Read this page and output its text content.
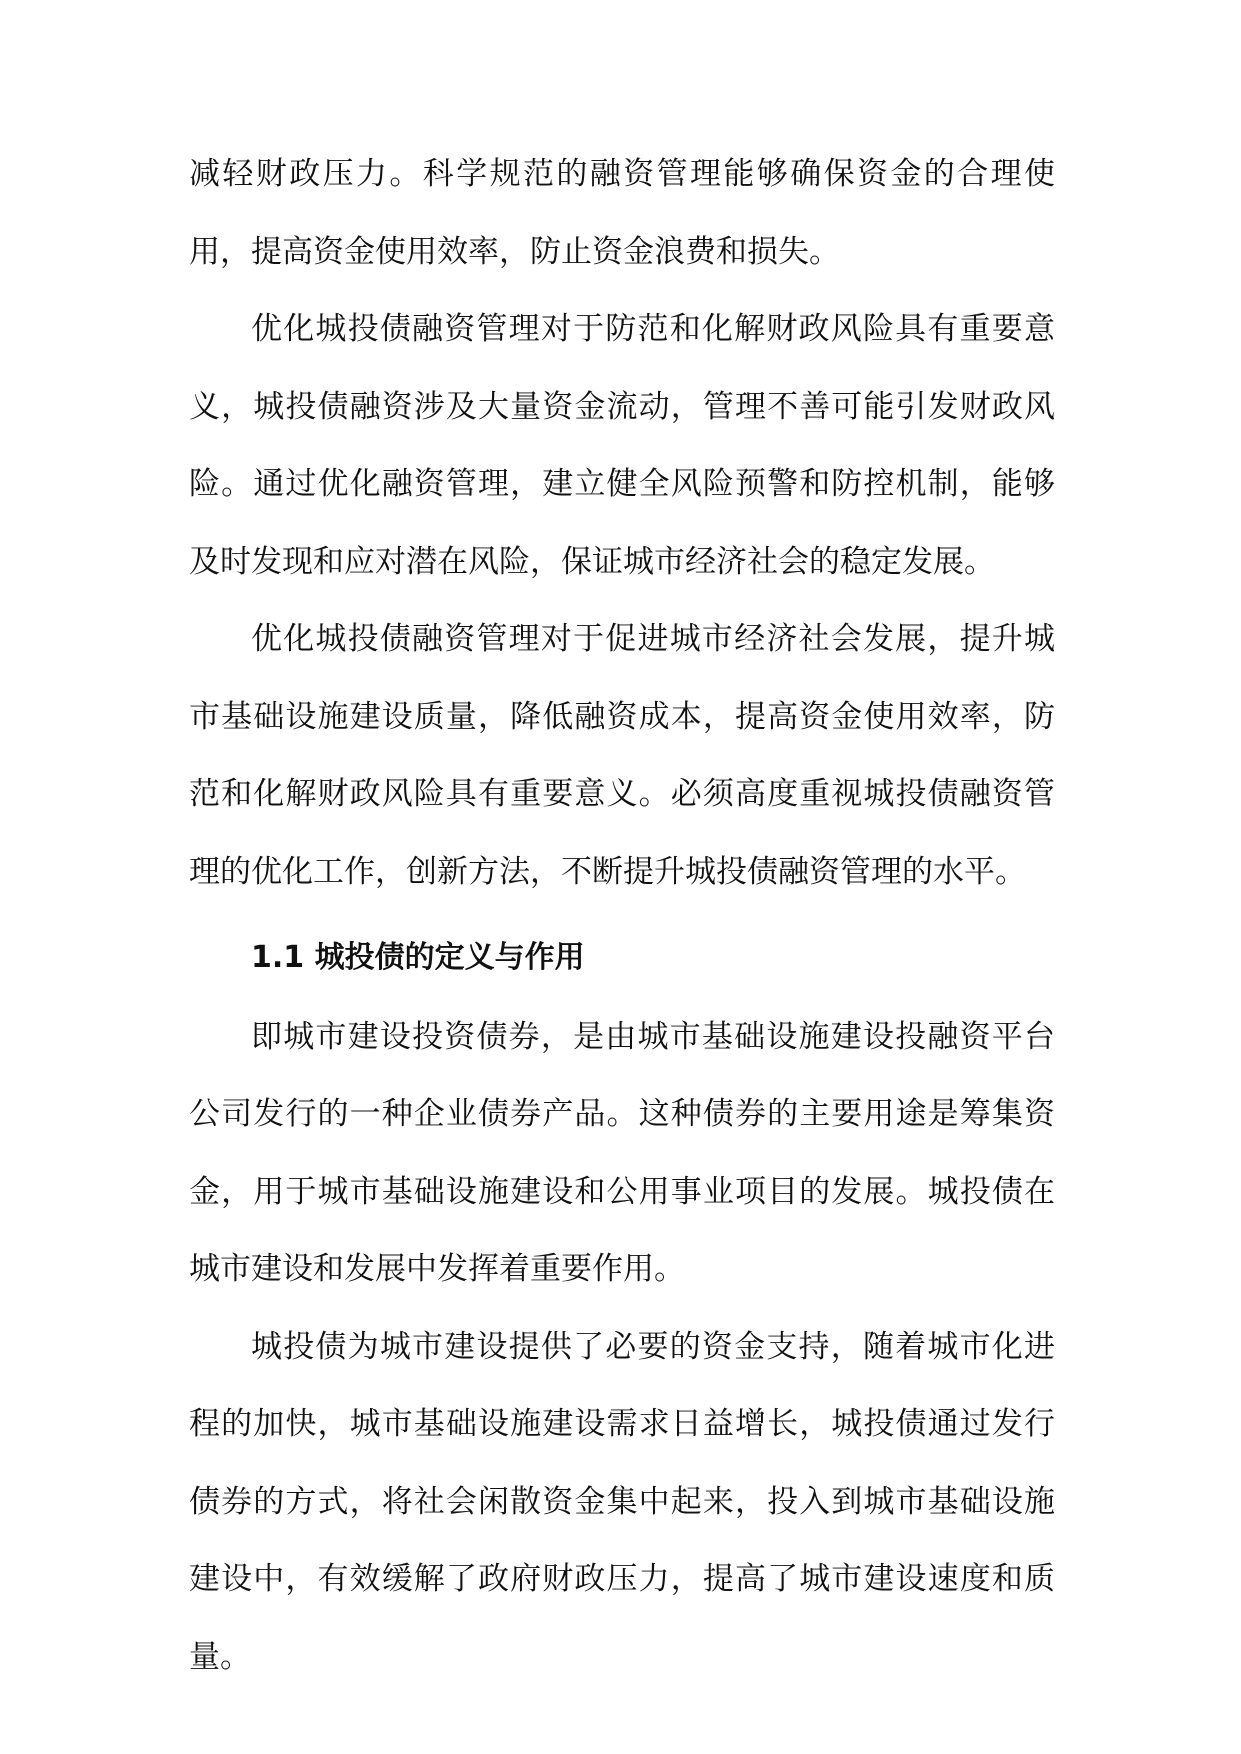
减轻财政压力。科学规范的融资管理能够确保资金的合理使用，提高资金使用效率，防止资金浪费和损失。

优化城投债融资管理对于防范和化解财政风险具有重要意义，城投债融资涉及大量资金流动，管理不善可能引发财政风险。通过优化融资管理，建立健全风险预警和防控机制，能够及时发现和应对潜在风险，保证城市经济社会的稳定发展。

优化城投债融资管理对于促进城市经济社会发展，提升城市基础设施建设质量，降低融资成本，提高资金使用效率，防范和化解财政风险具有重要意义。必须高度重视城投债融资管理的优化工作，创新方法，不断提升城投债融资管理的水平。

1.1 城投债的定义与作用

即城市建设投资债券，是由城市基础设施建设投融资平台公司发行的一种企业债券产品。这种债券的主要用途是筹集资金，用于城市基础设施建设和公用事业项目的发展。城投债在城市建设和发展中发挥着重要作用。

城投债为城市建设提供了必要的资金支持，随着城市化进程的加快，城市基础设施建设需求日益增长，城投债通过发行债券的方式，将社会闲散资金集中起来，投入到城市基础设施建设中，有效缓解了政府财政压力，提高了城市建设速度和质量。
